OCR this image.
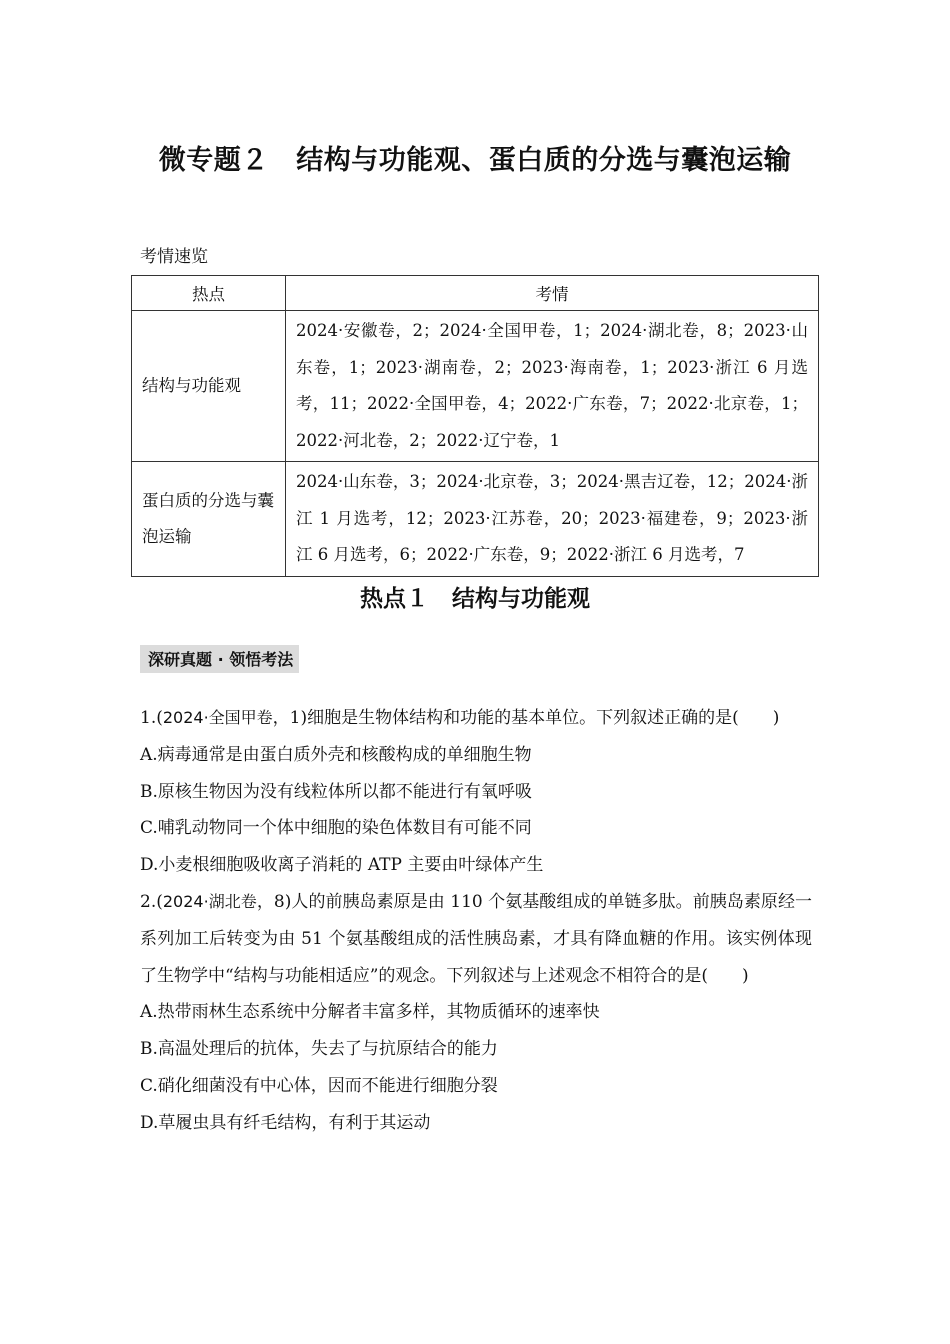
微专题２　结构与功能观、蛋白质的分选与囊泡运输
考情速览
热点	考情
结构与功能观	2024·安徽卷，2；2024·全国甲卷，1；2024·湖北卷，8；2023·山东卷，1；2023·湖南卷，2；2023·海南卷，1；2023·浙江 6 月选考，11；2022·全国甲卷，4；2022·广东卷，7；2022·北京卷，1；2022·河北卷，2；2022·辽宁卷，1
蛋白质的分选与囊泡运输	2024·山东卷，3；2024·北京卷，3；2024·黑吉辽卷，12；2024·浙江 1 月选考，12；2023·江苏卷，20；2023·福建卷，9；2023·浙江 6 月选考，6；2022·广东卷，9；2022·浙江 6 月选考，7
热点１　结构与功能观
深研真题 · 领悟考法

1.(2024·全国甲卷，1)细胞是生物体结构和功能的基本单位。下列叙述正确的是(　　)

A.病毒通常是由蛋白质外壳和核酸构成的单细胞生物

B.原核生物因为没有线粒体所以都不能进行有氧呼吸

C.哺乳动物同一个体中细胞的染色体数目有可能不同

D.小麦根细胞吸收离子消耗的 ATP 主要由叶绿体产生

2.(2024·湖北卷，8)人的前胰岛素原是由 110 个氨基酸组成的单链多肽。前胰岛素原经一系列加工后转变为由 51 个氨基酸组成的活性胰岛素，才具有降血糖的作用。该实例体现了生物学中“结构与功能相适应”的观念。下列叙述与上述观念不相符合的是(　　)

A.热带雨林生态系统中分解者丰富多样，其物质循环的速率快

B.高温处理后的抗体，失去了与抗原结合的能力

C.硝化细菌没有中心体，因而不能进行细胞分裂

D.草履虫具有纤毛结构，有利于其运动
